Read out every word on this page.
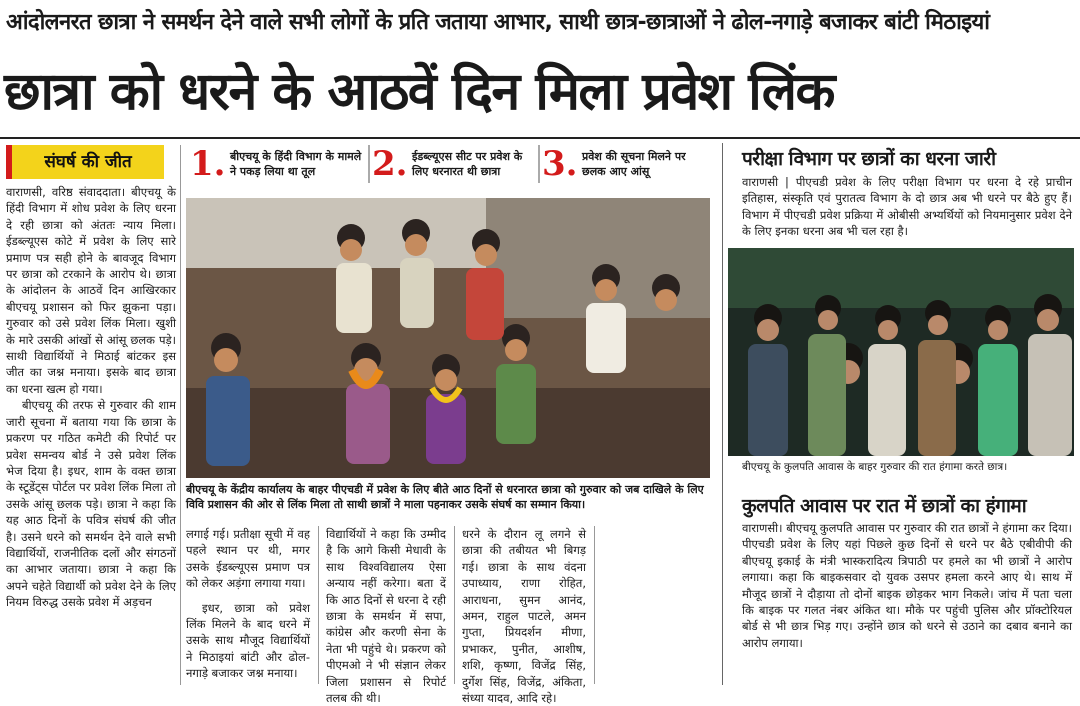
आंदोलनरत छात्रा ने समर्थन देने वाले सभी लोगों के प्रति जताया आभार, साथी छात्र-छात्राओं ने ढोल-नगाड़े बजाकर बांटी मिठाइयां
छात्रा को धरने के आठवें दिन मिला प्रवेश लिंक
संघर्ष की जीत

वाराणसी, वरिष्ठ संवाददाता। बीएचयू के हिंदी विभाग में शोध प्रवेश के लिए धरना दे रही छात्रा को अंततः न्याय मिला। ईडब्ल्यूएस कोटे में प्रवेश के लिए सारे प्रमाण पत्र सही होने के बावजूद विभाग पर छात्रा को टरकाने के आरोप थे। छात्रा के आंदोलन के आठवें दिन आखिरकार बीएचयू प्रशासन को फिर झुकना पड़ा। गुरुवार को उसे प्रवेश लिंक मिला। खुशी के मारे उसकी आंखों से आंसू छलक पड़े। साथी विद्यार्थियों ने मिठाई बांटकर इस जीत का जश्न मनाया। इसके बाद छात्रा का धरना खत्म हो गया।

बीएचयू की तरफ से गुरुवार की शाम जारी सूचना में बताया गया कि छात्रा के प्रकरण पर गठित कमेटी की रिपोर्ट पर प्रवेश समन्वय बोर्ड ने उसे प्रवेश लिंक भेज दिया है। इधर, शाम के वक्त छात्रा के स्टूडेंट्स पोर्टल पर प्रवेश लिंक मिला तो उसके आंसू छलक पड़े। छात्रा ने कहा कि यह आठ दिनों के पवित्र संघर्ष की जीत है। उसने धरने को समर्थन देने वाले सभी विद्यार्थियों, राजनीतिक दलों और संगठनों का आभार जताया। छात्रा ने कहा कि अपने चहेते विद्यार्थी को प्रवेश देने के लिए नियम विरुद्ध उसके प्रवेश में अड़चन

1. बीएचयू के हिंदी विभाग के मामले ने पकड़ लिया था तूल	2. ईडब्ल्यूएस सीट पर प्रवेश के लिए धरनारत थी छात्रा	3. प्रवेश की सूचना मिलने पर छलक आए आंसू
बीएचयू के केंद्रीय कार्यालय के बाहर पीएचडी में प्रवेश के लिए बीते आठ दिनों से धरनारत छात्रा को गुरुवार को जब दाखिले के लिए विवि प्रशासन की ओर से लिंक मिला तो साथी छात्रों ने माला पहनाकर उसके संघर्ष का सम्मान किया।

लगाई गई। प्रतीक्षा सूची में वह पहले स्थान पर थी, मगर उसके ईडब्ल्यूएस प्रमाण पत्र को लेकर अड़ंगा लगाया गया।

इधर, छात्रा को प्रवेश लिंक मिलने के बाद धरने में उसके साथ मौजूद विद्यार्थियों ने मिठाइयां बांटी और ढोल-नगाड़े बजाकर जश्न मनाया।

विद्यार्थियों ने कहा कि उम्मीद है कि आगे किसी मेधावी के साथ विश्वविद्यालय ऐसा अन्याय नहीं करेगा। बता दें कि आठ दिनों से धरना दे रही छात्रा के समर्थन में सपा, कांग्रेस और करणी सेना के नेता भी पहुंचे थे। प्रकरण को पीएमओ ने भी संज्ञान लेकर जिला प्रशासन से रिपोर्ट तलब की थी।
धरने के दौरान लू लगने से छात्रा की तबीयत भी बिगड़ गई। छात्रा के साथ वंदना उपाध्याय, राणा रोहित, आराधना, सुमन आनंद, अमन, राहुल पाटले, अमन गुप्ता, प्रियदर्शन मीणा, प्रभाकर, पुनीत, आशीष, शशि, कृष्णा, विजेंद्र सिंह, दुर्गेश सिंह, विजेंद्र, अंकिता, संध्या यादव, आदि रहे।
परीक्षा विभाग पर छात्रों का धरना जारी
वाराणसी | पीएचडी प्रवेश के लिए परीक्षा विभाग पर धरना दे रहे प्राचीन इतिहास, संस्कृति एवं पुरातत्व विभाग के दो छात्र अब भी धरने पर बैठे हुए हैं। विभाग में पीएचडी प्रवेश प्रक्रिया में ओबीसी अभ्यर्थियों को नियमानुसार प्रवेश देने के लिए इनका धरना अब भी चल रहा है।
बीएचयू के कुलपति आवास के बाहर गुरुवार की रात हंगामा करते छात्र।
कुलपति आवास पर रात में छात्रों का हंगामा
वाराणसी। बीएचयू कुलपति आवास पर गुरुवार की रात छात्रों ने हंगामा कर दिया। पीएचडी प्रवेश के लिए यहां पिछले कुछ दिनों से धरने पर बैठे एबीवीपी की बीएचयू इकाई के मंत्री भास्करादित्य त्रिपाठी पर हमले का भी छात्रों ने आरोप लगाया। कहा कि बाइकसवार दो युवक उसपर हमला करने आए थे। साथ में मौजूद छात्रों ने दौड़ाया तो दोनों बाइक छोड़कर भाग निकले। जांच में पता चला कि बाइक पर गलत नंबर अंकित था। मौके पर पहुंची पुलिस और प्रॉक्टोरियल बोर्ड से भी छात्र भिड़ गए। उन्होंने छात्र को धरने से उठाने का दबाव बनाने का आरोप लगाया।
